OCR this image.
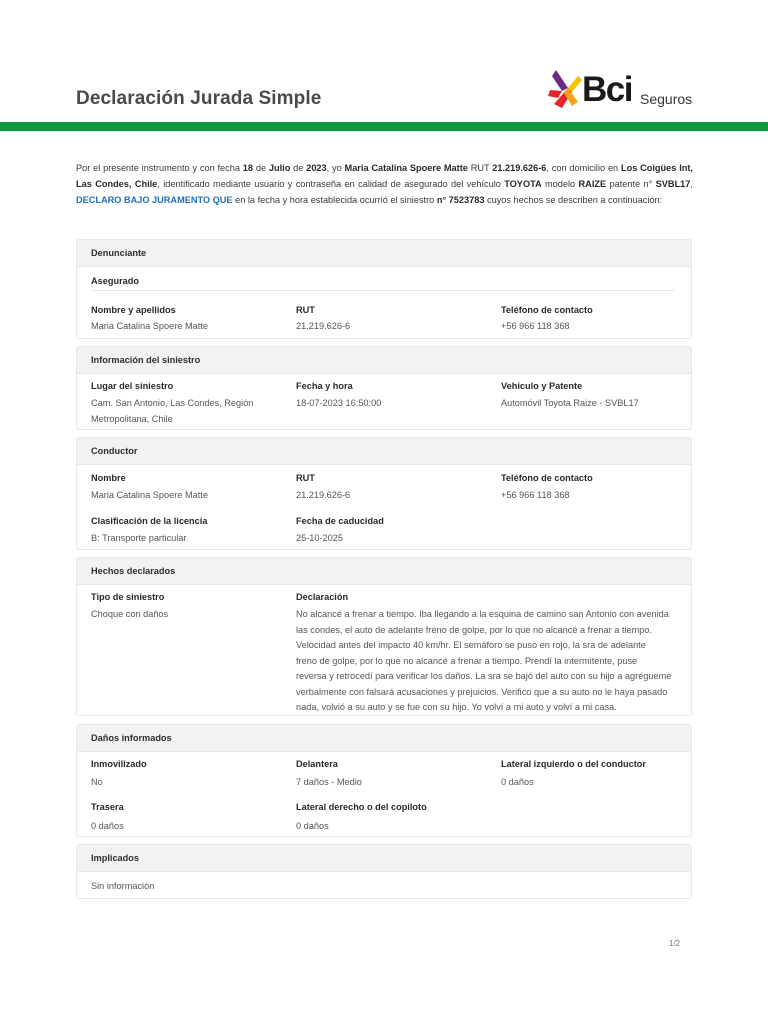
Declaración Jurada Simple	Bci Seguros
Por el presente instrumento y con fecha 18 de Julio de 2023, yo Maria Catalina Spoere Matte RUT 21.219.626-6, con domicilio en Los Coigües Int, Las Condes, Chile, identificado mediante usuario y contraseña en calidad de asegurado del vehículo TOYOTA modelo RAIZE patente n° SVBL17, DECLARO BAJO JURAMENTO QUE en la fecha y hora establecida ocurrió el siniestro n° 7523783 cuyos hechos se describen a continuación:
Denunciante
Asegurado
Nombre y apellidos
Maria Catalina Spoere Matte
RUT
21.219.626-6
Teléfono de contacto
+56 966 118 368
Información del siniestro
Lugar del siniestro
Cam. San Antonio, Las Condes, Región
Metropolitana, Chile
Fecha y hora
18-07-2023 16:50:00
Vehículo y Patente
Automóvil Toyota Raize - SVBL17
Conductor
Nombre
Maria Catalina Spoere Matte
RUT
21.219.626-6
Teléfono de contacto
+56 966 118 368
Clasificación de la licencia
B: Transporte particular
Fecha de caducidad
25-10-2025
Hechos declarados
Tipo de siniestro
Choque con daños
Declaración
No alcancé a frenar a tiempo. Iba llegando a la esquina de camino san Antonio con avenida
las condes, el auto de adelante freno de golpe, por lo que no alcancé a frenar a tiempo.
Velocidad antes del impacto 40 km/hr. El semáforo se puso en rojo, la sra de adelante
freno de golpe, por lo que no alcancé a frenar a tiempo. Prendí la intermitente, puse
reversa y retrocedí para verificar los daños. La sra se bajó del auto con su hijo a agrégueme
verbalmente con falsará acusaciones y prejuicios. Verifico que a su auto no le haya pasado
nada, volvió a su auto y se fue con su hijo. Yo volví a mi auto y volví a mi casa.
Daños informados
Inmovilizado
No
Delantera
7 daños - Medio
Lateral izquierdo o del conductor
0 daños
Trasera
0 daños
Lateral derecho o del copiloto
0 daños
Implicados
Sin información
1/2
